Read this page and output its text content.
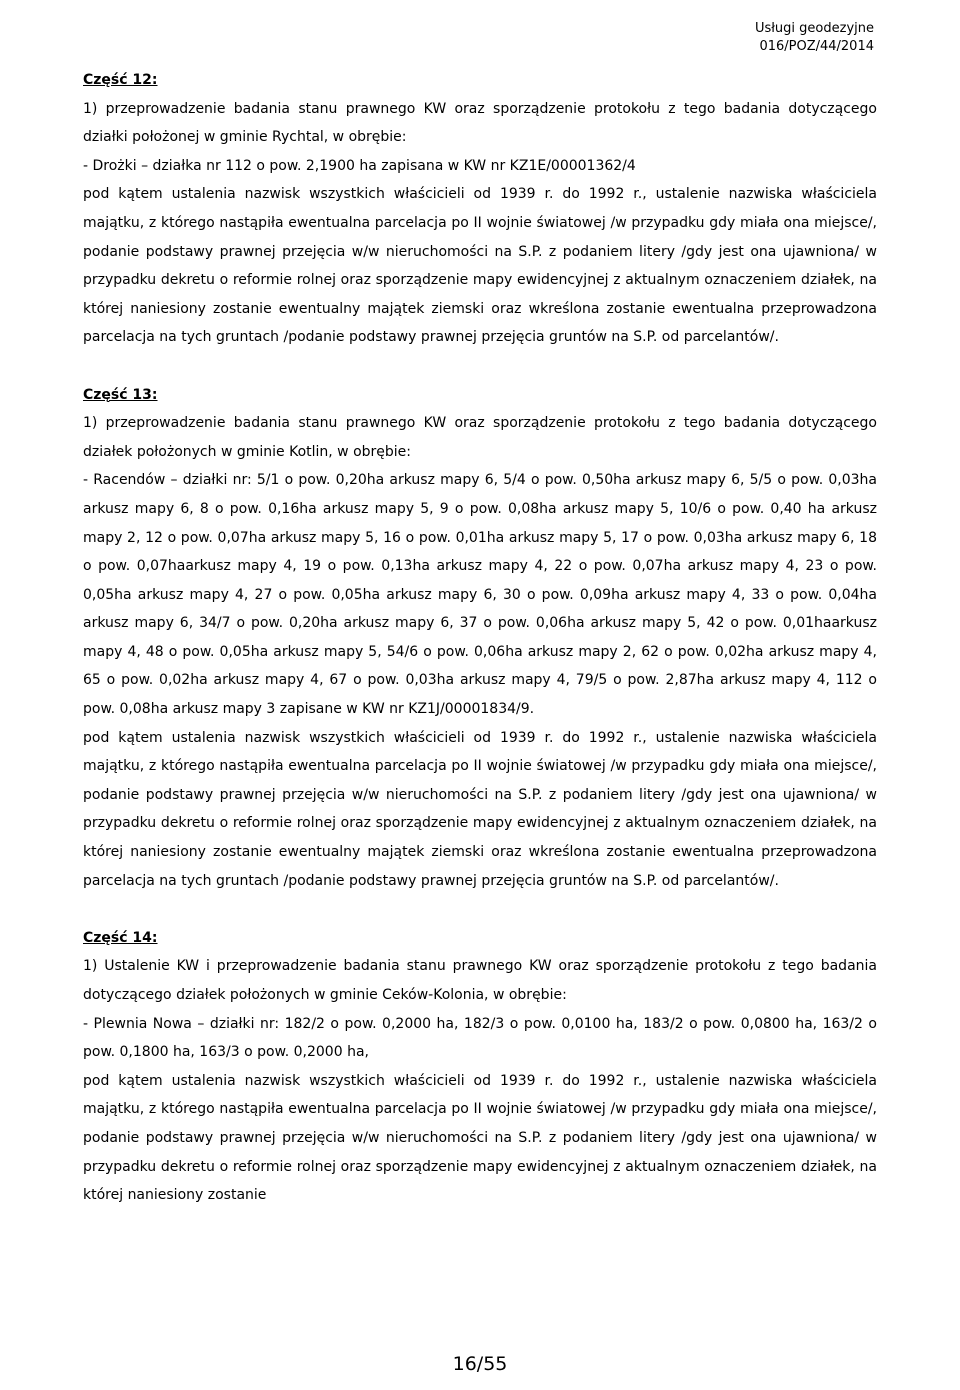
Usługi geodezyjne
016/POZ/44/2014

Część 12:

1) przeprowadzenie badania stanu prawnego KW oraz sporządzenie protokołu z tego badania dotyczącego działki położonej w gminie Rychtal, w obrębie:

- Drożki – działka nr 112 o pow. 2,1900 ha zapisana w KW nr KZ1E/00001362/4

pod kątem ustalenia nazwisk wszystkich właścicieli od 1939 r. do 1992 r., ustalenie nazwiska właściciela majątku, z którego nastąpiła ewentualna parcelacja po II wojnie światowej /w przypadku gdy miała ona miejsce/, podanie podstawy prawnej przejęcia w/w nieruchomości na S.P. z podaniem litery /gdy jest ona ujawniona/ w przypadku dekretu o reformie rolnej oraz sporządzenie mapy ewidencyjnej z aktualnym oznaczeniem działek, na której naniesiony zostanie ewentualny majątek ziemski oraz wkreślona zostanie ewentualna przeprowadzona parcelacja na tych gruntach /podanie podstawy prawnej przejęcia gruntów na S.P. od parcelantów/.

Część 13:

1) przeprowadzenie badania stanu prawnego KW oraz sporządzenie protokołu z tego badania dotyczącego działek położonych w gminie Kotlin, w obrębie:

- Racendów – działki nr: 5/1 o pow. 0,20ha arkusz mapy 6, 5/4 o pow. 0,50ha arkusz mapy 6, 5/5 o pow. 0,03ha arkusz mapy 6, 8 o pow. 0,16ha arkusz mapy 5, 9 o pow. 0,08ha arkusz mapy 5, 10/6 o pow. 0,40 ha arkusz mapy 2, 12 o pow. 0,07ha arkusz mapy 5, 16 o pow. 0,01ha arkusz mapy 5, 17 o pow. 0,03ha arkusz mapy 6, 18 o pow. 0,07haarkusz mapy 4, 19 o pow. 0,13ha arkusz mapy 4, 22 o pow. 0,07ha arkusz mapy 4, 23 o pow. 0,05ha arkusz mapy 4, 27 o pow. 0,05ha arkusz mapy 6, 30 o pow. 0,09ha arkusz mapy 4, 33 o pow. 0,04ha arkusz mapy 6, 34/7 o pow. 0,20ha arkusz mapy 6, 37 o pow. 0,06ha arkusz mapy 5, 42 o pow. 0,01haarkusz mapy 4, 48 o pow. 0,05ha arkusz mapy 5, 54/6 o pow. 0,06ha arkusz mapy 2, 62 o pow. 0,02ha arkusz mapy 4, 65 o pow. 0,02ha arkusz mapy 4, 67 o pow. 0,03ha arkusz mapy 4, 79/5 o pow. 2,87ha arkusz mapy 4, 112 o pow. 0,08ha arkusz mapy 3 zapisane w KW nr KZ1J/00001834/9.

pod kątem ustalenia nazwisk wszystkich właścicieli od 1939 r. do 1992 r., ustalenie nazwiska właściciela majątku, z którego nastąpiła ewentualna parcelacja po II wojnie światowej /w przypadku gdy miała ona miejsce/, podanie podstawy prawnej przejęcia w/w nieruchomości na S.P. z podaniem litery /gdy jest ona ujawniona/ w przypadku dekretu o reformie rolnej oraz sporządzenie mapy ewidencyjnej z aktualnym oznaczeniem działek, na której naniesiony zostanie ewentualny majątek ziemski oraz wkreślona zostanie ewentualna przeprowadzona parcelacja na tych gruntach /podanie podstawy prawnej przejęcia gruntów na S.P. od parcelantów/.

Część 14:

1) Ustalenie KW i przeprowadzenie badania stanu prawnego KW oraz sporządzenie protokołu z tego badania dotyczącego działek położonych w gminie Ceków-Kolonia, w obrębie:

- Plewnia Nowa – działki nr: 182/2 o pow. 0,2000 ha, 182/3 o pow. 0,0100 ha, 183/2 o pow. 0,0800 ha, 163/2 o pow. 0,1800 ha, 163/3 o pow. 0,2000 ha,

pod kątem ustalenia nazwisk wszystkich właścicieli od 1939 r. do 1992 r., ustalenie nazwiska właściciela majątku, z którego nastąpiła ewentualna parcelacja po II wojnie światowej /w przypadku gdy miała ona miejsce/, podanie podstawy prawnej przejęcia w/w nieruchomości na S.P. z podaniem litery /gdy jest ona ujawniona/ w przypadku dekretu o reformie rolnej oraz sporządzenie mapy ewidencyjnej z aktualnym oznaczeniem działek, na której naniesiony zostanie

16/55
